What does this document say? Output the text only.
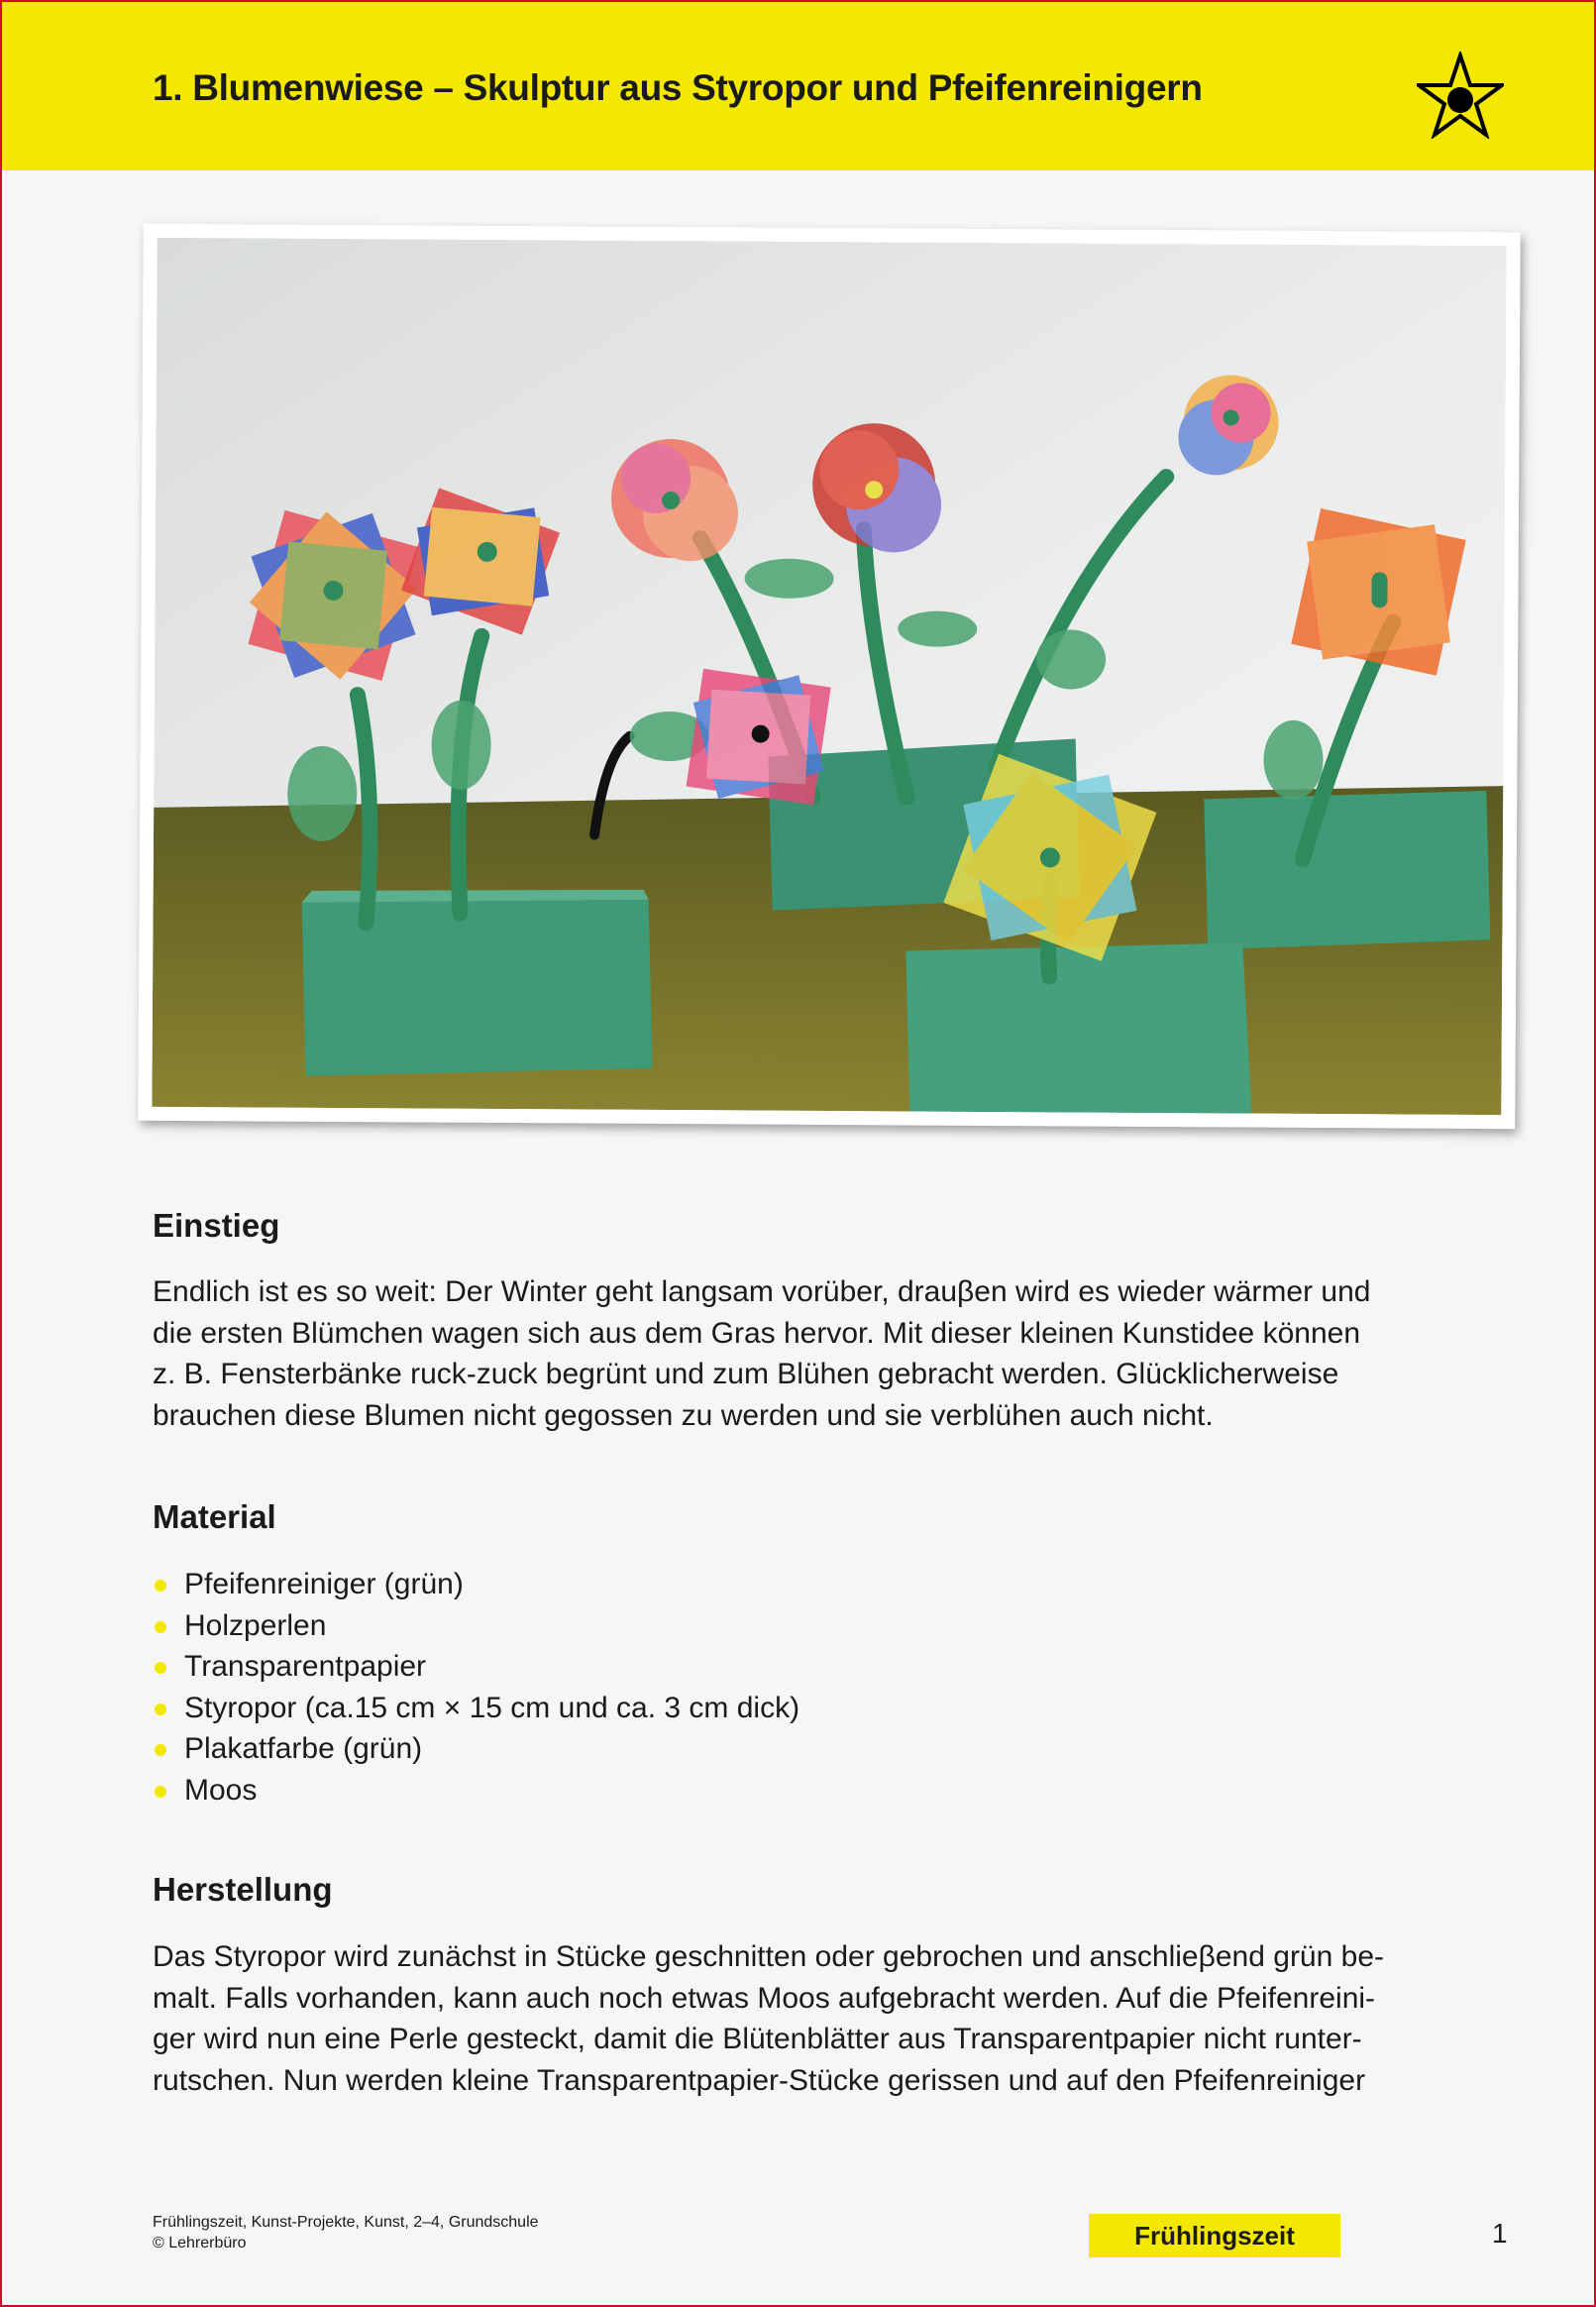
1. Blumenwiese – Skulptur aus Styropor und Pfeifenreinigern
Einstieg
Endlich ist es so weit: Der Winter geht langsam vorüber, drauβen wird es wieder wärmer und
die ersten Blümchen wagen sich aus dem Gras hervor. Mit dieser kleinen Kunstidee können
z. B. Fensterbänke ruck-zuck begrünt und zum Blühen gebracht werden. Glücklicherweise
brauchen diese Blumen nicht gegossen zu werden und sie verblühen auch nicht.
Material
Pfeifenreiniger (grün)
Holzperlen
Transparentpapier
Styropor (ca.15 cm × 15 cm und ca. 3 cm dick)
Plakatfarbe (grün)
Moos
Herstellung
Das Styropor wird zunächst in Stücke geschnitten oder gebrochen und anschlieβend grün be-
malt. Falls vorhanden, kann auch noch etwas Moos aufgebracht werden. Auf die Pfeifenreini-
ger wird nun eine Perle gesteckt, damit die Blütenblätter aus Transparentpapier nicht runter-
rutschen. Nun werden kleine Transparentpapier-Stücke gerissen und auf den Pfeifenreiniger
Frühlingszeit, Kunst-Projekte, Kunst, 2–4, Grundschule
© Lehrerbüro	Frühlingszeit	1
